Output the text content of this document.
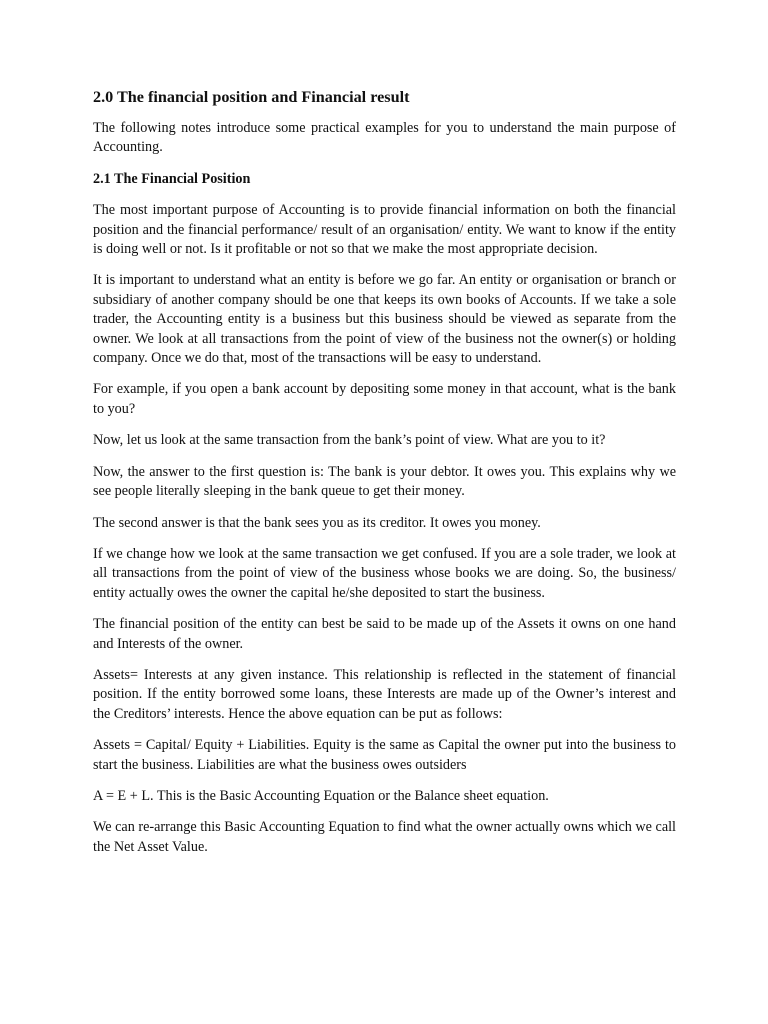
2.0 The financial position and Financial result
The following notes introduce some practical examples for you to understand the main purpose of Accounting.
2.1 The Financial Position
The most important purpose of Accounting is to provide financial information on both the financial position and the financial performance/ result of an organisation/ entity. We want to know if the entity is doing well or not. Is it profitable or not so that we make the most appropriate decision.
It is important to understand what an entity is before we go far. An entity or organisation or branch or subsidiary of another company should be one that keeps its own books of Accounts. If we take a sole trader, the Accounting entity is a business but this business should be viewed as separate from the owner. We look at all transactions from the point of view of the business not the owner(s) or holding company. Once we do that, most of the transactions will be easy to understand.
For example, if you open a bank account by depositing some money in that account, what is the bank to you?
Now, let us look at the same transaction from the bank’s point of view. What are you to it?
Now, the answer to the first question is: The bank is your debtor. It owes you. This explains why we see people literally sleeping in the bank queue to get their money.
The second answer is that the bank sees you as its creditor. It owes you money.
If we change how we look at the same transaction we get confused. If you are a sole trader, we look at all transactions from the point of view of the business whose books we are doing. So, the business/ entity actually owes the owner the capital he/she deposited to start the business.
The financial position of the entity can best be said to be made up of the Assets it owns on one hand and Interests of the owner.
Assets= Interests at any given instance. This relationship is reflected in the statement of financial position. If the entity borrowed some loans, these Interests are made up of the Owner’s interest and the Creditors’ interests. Hence the above equation can be put as follows:
Assets = Capital/ Equity + Liabilities. Equity is the same as Capital the owner put into the business to start the business. Liabilities are what the business owes outsiders
A = E + L. This is the Basic Accounting Equation or the Balance sheet equation.
We can re-arrange this Basic Accounting Equation to find what the owner actually owns which we call the Net Asset Value.
